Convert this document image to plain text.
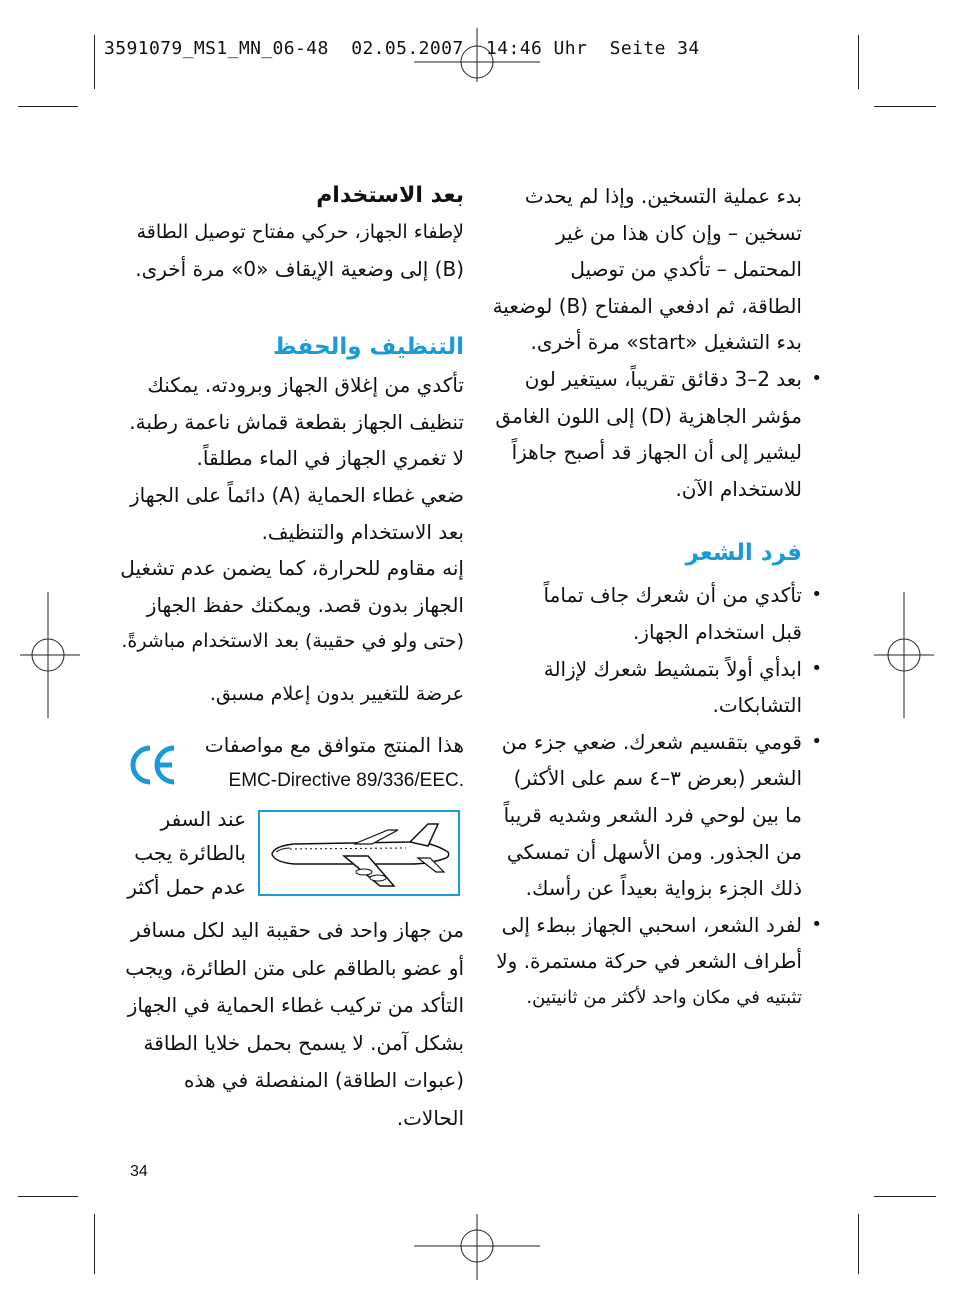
3591079_MS1_MN_06-48  02.05.2007  14:46 Uhr  Seite 34

بدء عملية التسخين. وإذا لم يحدث

تسخين – وإن كان هذا من غير

المحتمل – تأكدي من توصيل

الطاقة، ثم ادفعي المفتاح (B) لوضعية

بدء التشغيل «start» مرة أخرى.

• بعد 2–3 دقائق تقريباً، سيتغير لون
مؤشر الجاهزية (D) إلى اللون الغامق
ليشير إلى أن الجهاز قد أصبح جاهزاً
للاستخدام الآن.
فرد الشعر
• تأكدي من أن شعرك جاف تماماً
قبل استخدام الجهاز.
• ابدأي أولاً بتمشيط شعرك لإزالة
التشابكات.
• قومي بتقسيم شعرك. ضعي جزء من
الشعر (بعرض ٣–٤ سم على الأكثر)
ما بين لوحي فرد الشعر وشديه قريباً
من الجذور. ومن الأسهل أن تمسكي
ذلك الجزء بزواية بعيداً عن رأسك.
• لفرد الشعر، اسحبي الجهاز ببطء إلى
أطراف الشعر في حركة مستمرة. ولا
تثبتيه في مكان واحد لأكثر من ثانيتين.
بعد الاستخدام

لإطفاء الجهاز، حركي مفتاح توصيل الطاقة

(B) إلى وضعية الإيقاف «0» مرة أخرى.

التنظيف والحفظ

تأكدي من إغلاق الجهاز وبرودته. يمكنك

تنظيف الجهاز بقطعة قماش ناعمة رطبة.

لا تغمري الجهاز في الماء مطلقاً.

ضعي غطاء الحماية (A) دائماً على الجهاز

بعد الاستخدام والتنظيف.

إنه مقاوم للحرارة، كما يضمن عدم تشغيل

الجهاز بدون قصد. ويمكنك حفظ الجهاز

(حتى ولو في حقيبة) بعد الاستخدام مباشرةً.

عرضة للتغيير بدون إعلام مسبق.

هذا المنتج متوافق مع مواصفات
EMC-Directive 89/336/EEC.
عند السفر
بالطائرة يجب
عدم حمل أكثر
من جهاز واحد فى حقيبة اليد لكل مسافر
أو عضو بالطاقم على متن الطائرة، ويجب
التأكد من تركيب غطاء الحماية في الجهاز
بشكل آمن. لا يسمح بحمل خلايا الطاقة
(عبوات الطاقة) المنفصلة في هذه الحالات.
34
